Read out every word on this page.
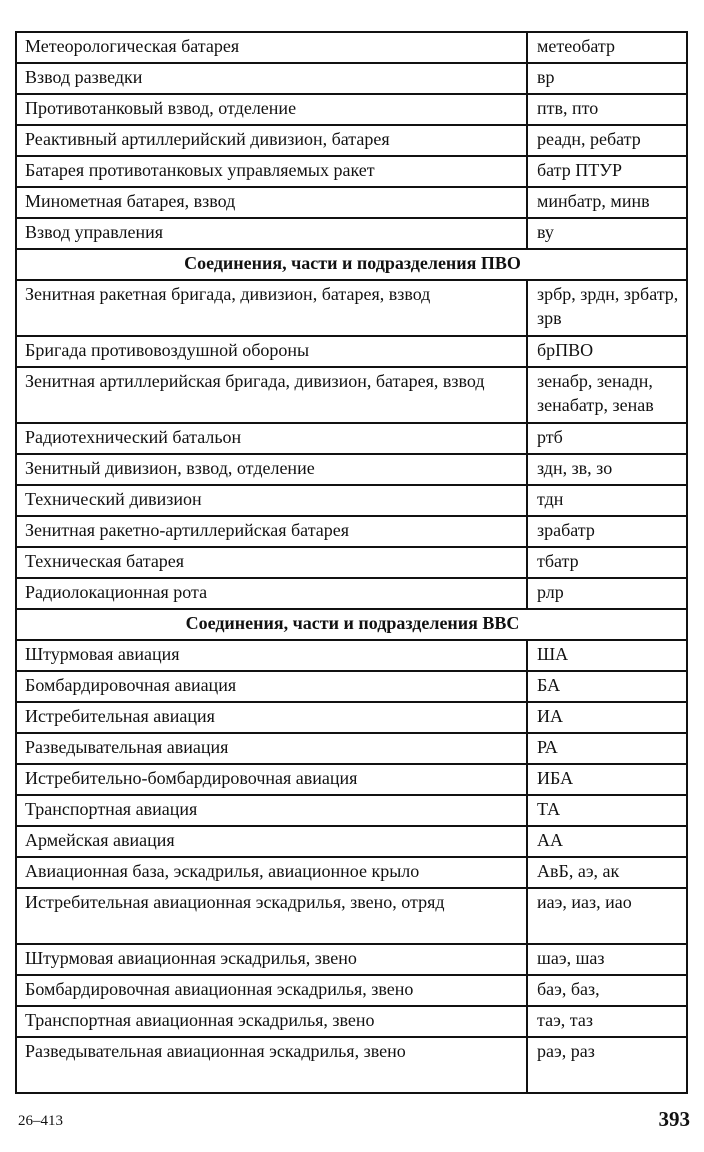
Метеорологическая батарея	метеобатр
Взвод разведки	вр
Противотанковый взвод, отделение	птв, пто
Реактивный артиллерийский дивизион, батарея	реадн, ребатр
Батарея противотанковых управляемых ракет	батр ПТУР
Минометная батарея, взвод	минбатр, минв
Взвод управления	ву
Соединения, части и подразделения ПВО	
Зенитная ракетная бригада, дивизион, батарея, взвод	зрбр, зрдн, зрбатр, зрв
Бригада противовоздушной обороны	брПВО
Зенитная артиллерийская бригада, дивизион, батарея, взвод	зенабр, зенадн, зенабатр, зенав
Радиотехнический батальон	ртб
Зенитный дивизион, взвод, отделение	здн, зв, зо
Технический дивизион	тдн
Зенитная ракетно-артиллерийская батарея	зрабатр
Техническая батарея	тбатр
Радиолокационная рота	рлр
Соединения, части и подразделения ВВС	
Штурмовая авиация	ША
Бомбардировочная авиация	БА
Истребительная авиация	ИА
Разведывательная авиация	РА
Истребительно-бомбардировочная авиация	ИБА
Транспортная авиация	ТА
Армейская авиация	АА
Авиационная база, эскадрилья, авиационное крыло	АвБ, аэ, ак
Истребительная авиационная эскадрилья, звено, отряд	иаэ, иаз, иао
Штурмовая авиационная эскадрилья, звено	шаэ, шаз
Бомбардировочная авиационная эскадрилья, звено	баэ, баз,
Транспортная авиационная эскадрилья, звено	таэ, таз
Разведывательная авиационная эскадрилья, звено	раэ, раз
26–413	393
